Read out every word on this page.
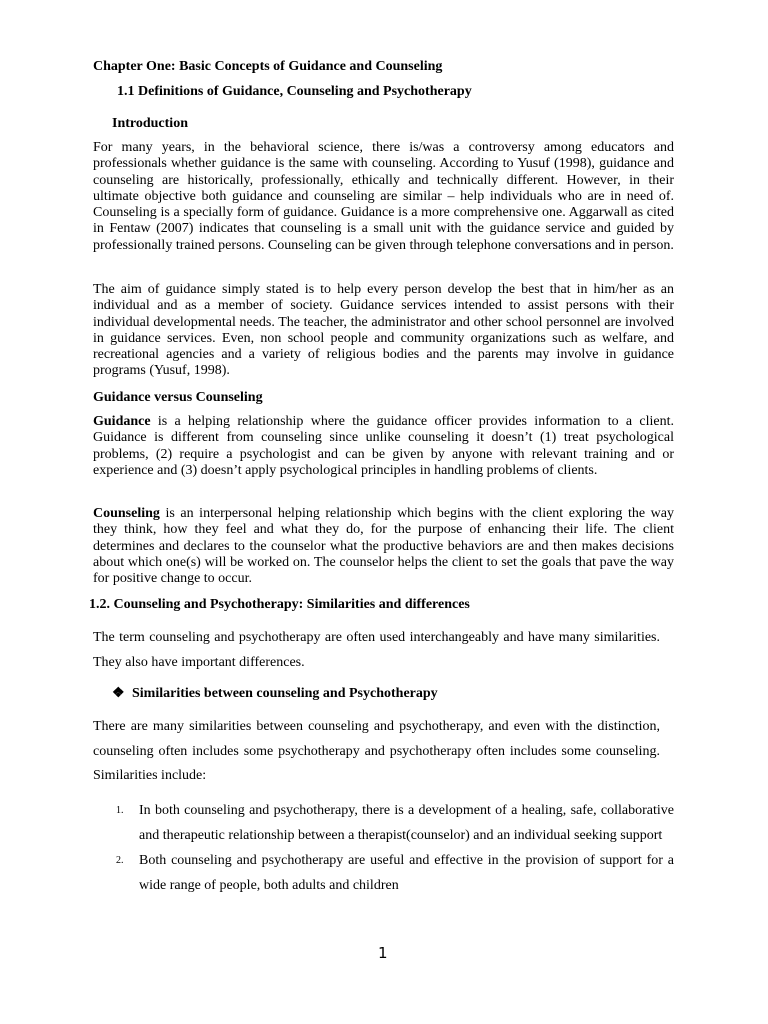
Chapter One: Basic Concepts of Guidance and Counseling

1.1 Definitions of Guidance, Counseling and Psychotherapy

Introduction

For many years, in the behavioral science, there is/was a controversy among educators and professionals whether guidance is the same with counseling. According to Yusuf (1998), guidance and counseling are historically, professionally, ethically and technically different. However, in their ultimate objective both guidance and counseling are similar – help individuals who are in need of. Counseling is a specially form of guidance. Guidance is a more comprehensive one. Aggarwall as cited in Fentaw (2007) indicates that counseling is a small unit with the guidance service and guided by professionally trained persons. Counseling can be given through telephone conversations and in person.

The aim of guidance simply stated is to help every person develop the best that in him/her as an individual and as a member of society. Guidance services intended to assist persons with their individual developmental needs. The teacher, the administrator and other school personnel are involved in guidance services. Even, non school people and community organizations such as welfare, and recreational agencies and a variety of religious bodies and the parents may involve in guidance programs (Yusuf, 1998).

Guidance versus Counseling

Guidance is a helping relationship where the guidance officer provides information to a client. Guidance is different from counseling since unlike counseling it doesn’t (1) treat psychological problems, (2) require a psychologist and can be given by anyone with relevant training and or experience and (3) doesn’t apply psychological principles in handling problems of clients.

Counseling is an interpersonal helping relationship which begins with the client exploring the way they think, how they feel and what they do, for the purpose of enhancing their life. The client determines and declares to the counselor what the productive behaviors are and then makes decisions about which one(s) will be worked on. The counselor helps the client to set the goals that pave the way for positive change to occur.

1.2. Counseling and Psychotherapy: Similarities and differences

The term counseling and psychotherapy are often used interchangeably and have many similarities. They also have important differences.

❖ Similarities between counseling and Psychotherapy

There are many similarities between counseling and psychotherapy, and even with the distinction, counseling often includes some psychotherapy and psychotherapy often includes some counseling. Similarities include:

1. In both counseling and psychotherapy, there is a development of a healing, safe, collaborative and therapeutic relationship between a therapist(counselor) and an individual seeking support
2. Both counseling and psychotherapy are useful and effective in the provision of support for a wide range of people, both adults and children
1
